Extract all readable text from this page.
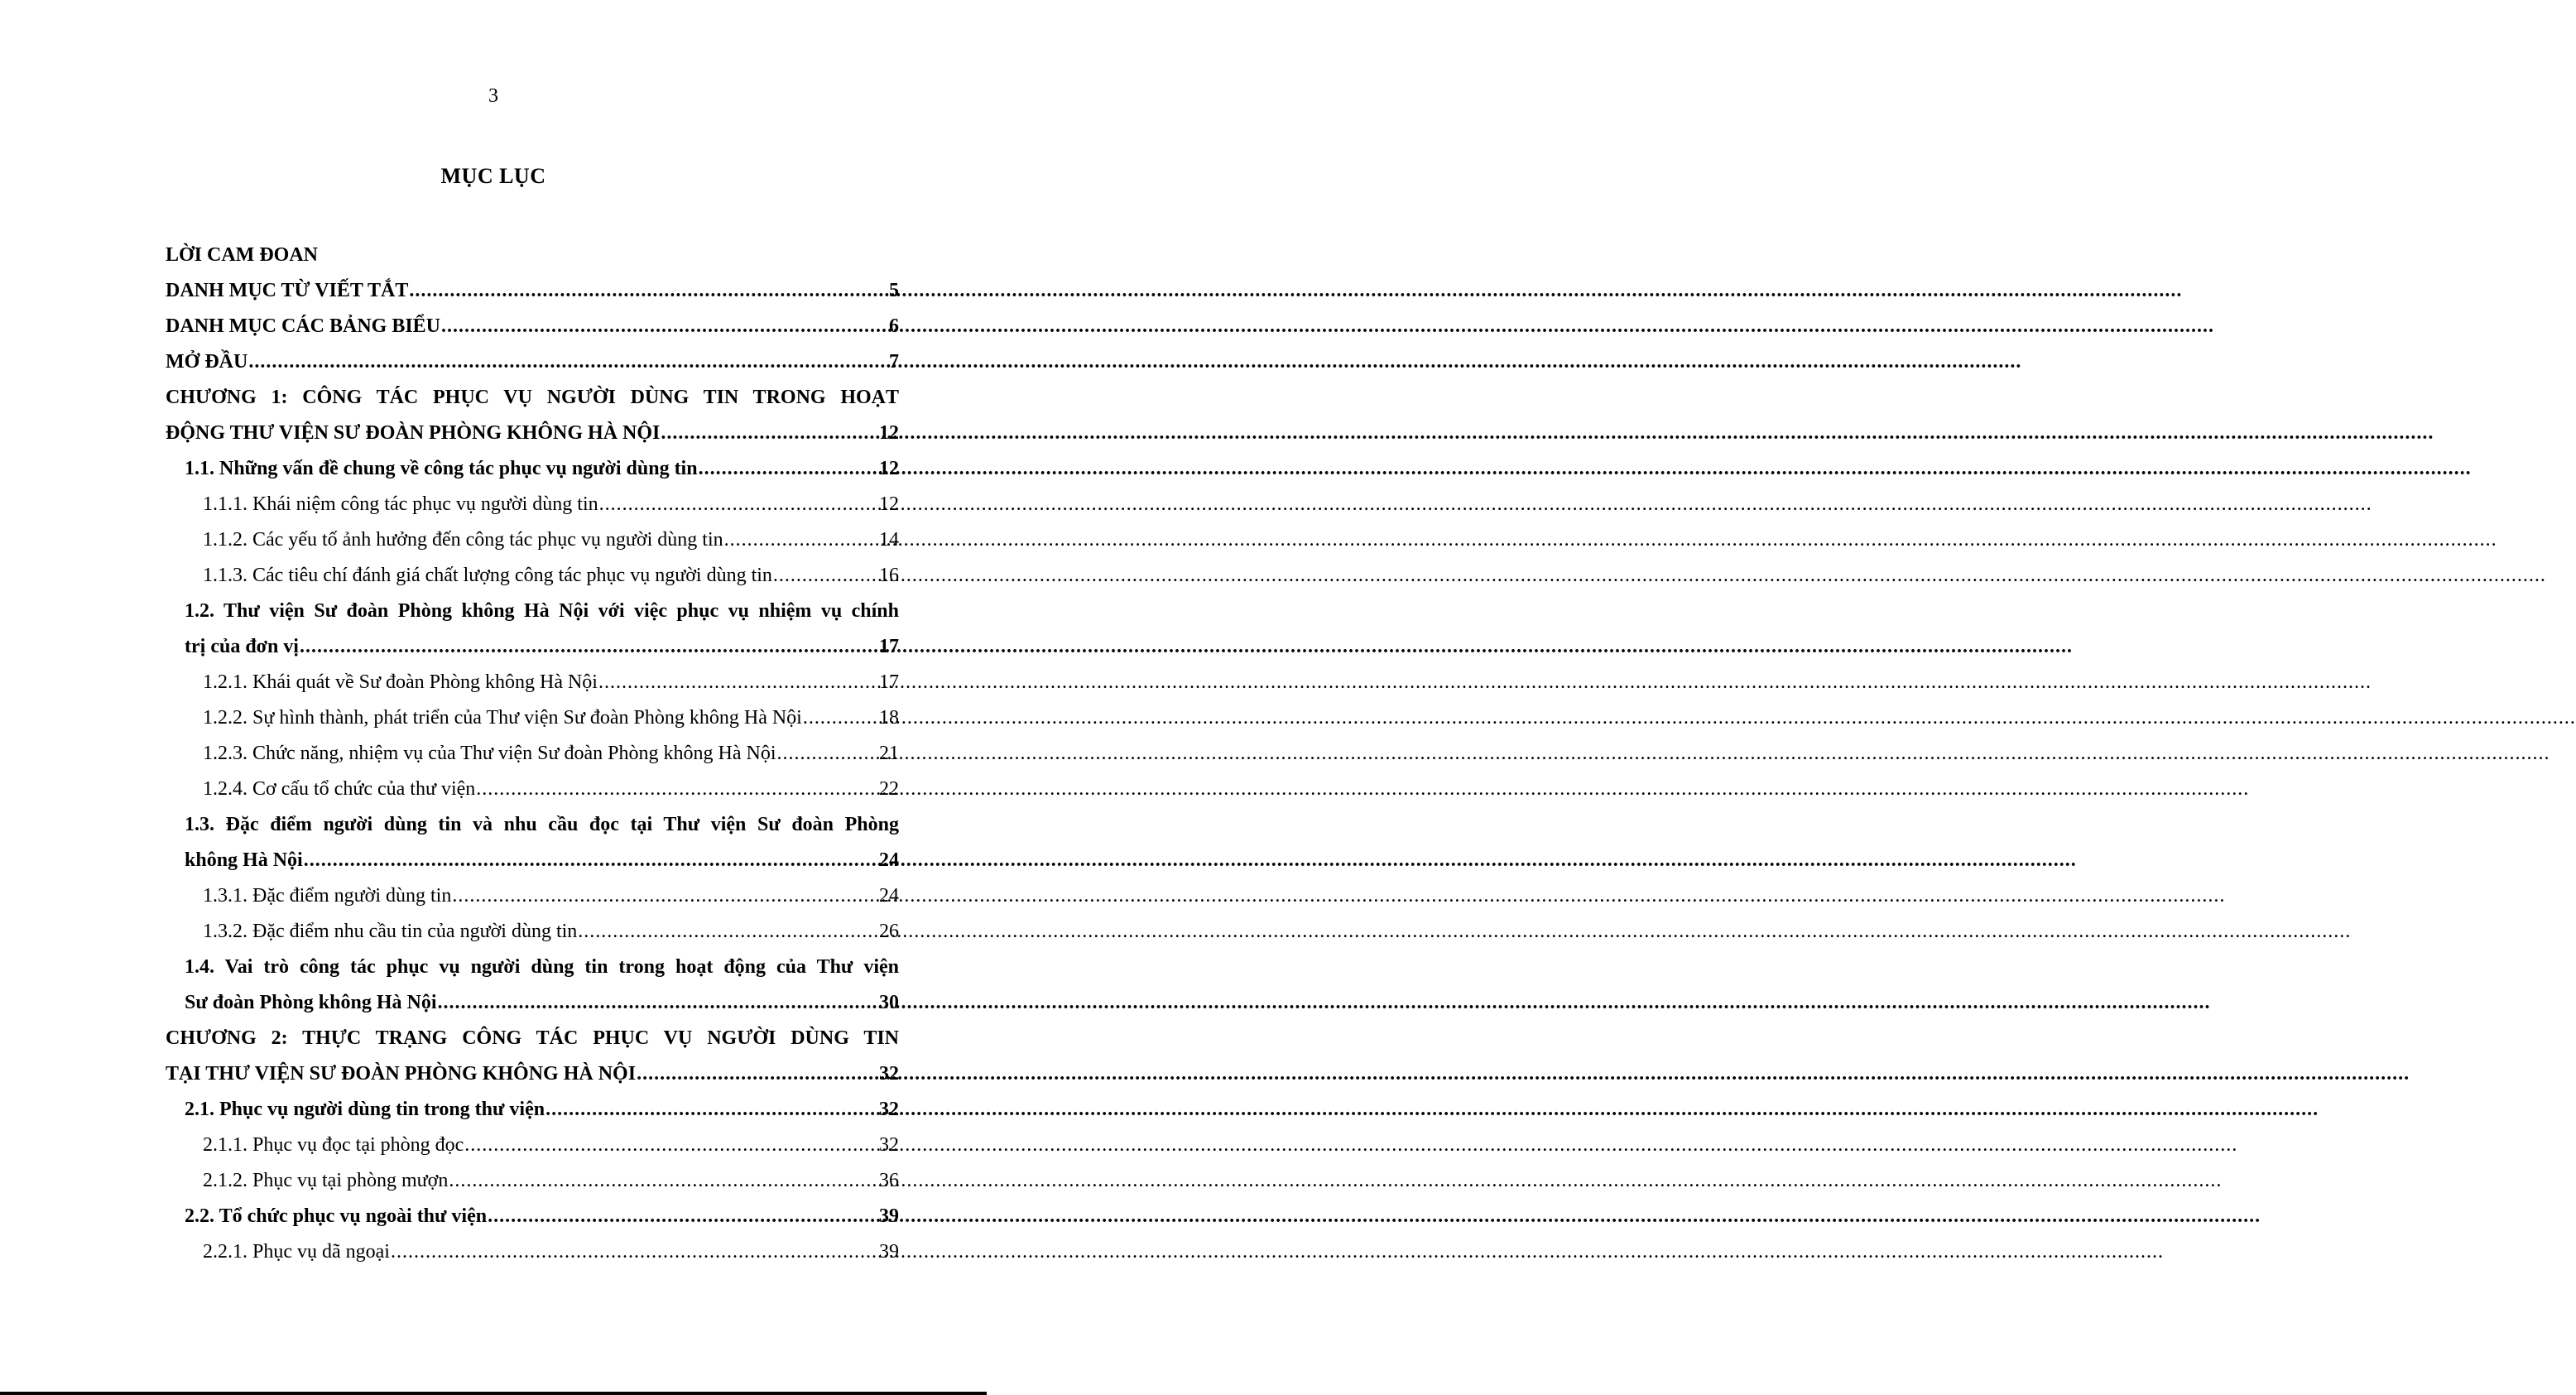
3
MỤC LỤC
LỜI CAM ĐOAN
DANH MỤC TỪ VIẾT TẮT .....	5
DANH MỤC CÁC BẢNG BIỂU .....	6
MỞ ĐẦU .....	7
CHƯƠNG 1: CÔNG TÁC PHỤC VỤ NGƯỜI DÙNG TIN TRONG HOẠT
ĐỘNG THƯ VIỆN SƯ ĐOÀN PHÒNG KHÔNG HÀ NỘI .....	12
1.1. Những vấn đề chung về công tác phục vụ người dùng tin .....	12
1.1.1. Khái niệm công tác phục vụ người dùng tin .....	12
1.1.2. Các yếu tố ảnh hưởng đến công tác phục vụ người dùng tin .....	14
1.1.3. Các tiêu chí đánh giá chất lượng công tác phục vụ người dùng tin .....	16
1.2. Thư viện Sư đoàn Phòng không Hà Nội với việc phục vụ nhiệm vụ chính
trị của đơn vị .....	17
1.2.1. Khái quát về Sư đoàn Phòng không Hà Nội .....	17
1.2.2. Sự hình thành, phát triển của Thư viện Sư đoàn Phòng không Hà Nội .....	18
1.2.3. Chức năng, nhiệm vụ của Thư viện Sư đoàn Phòng không Hà Nội .....	21
1.2.4. Cơ cấu tổ chức của thư viện .....	22
1.3. Đặc điểm người dùng tin và nhu cầu đọc tại Thư viện Sư đoàn Phòng
không Hà Nội .....	24
1.3.1. Đặc điểm người dùng tin .....	24
1.3.2. Đặc điểm nhu cầu tin của người dùng tin .....	26
1.4. Vai trò công tác phục vụ người dùng tin trong hoạt động của Thư viện
Sư đoàn Phòng không Hà Nội .....	30
CHƯƠNG 2: THỰC TRẠNG CÔNG TÁC PHỤC VỤ NGƯỜI DÙNG TIN
TẠI THƯ VIỆN SƯ ĐOÀN PHÒNG KHÔNG HÀ NỘI .....	32
2.1. Phục vụ người dùng tin trong thư viện .....	32
2.1.1. Phục vụ đọc tại phòng đọc .....	32
2.1.2. Phục vụ tại phòng mượn .....	36
2.2. Tổ chức phục vụ ngoài thư viện .....	39
2.2.1. Phục vụ dã ngoại .....	39
